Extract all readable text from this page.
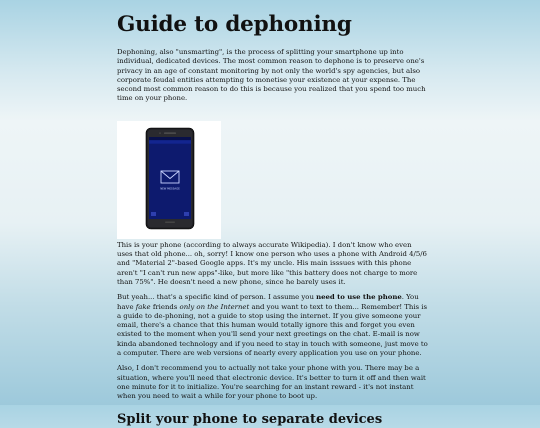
Guide to dephoning

Dephoning, also "unsmarting", is the process of splitting your smartphone up into individual, dedicated devices. The most common reason to dephone is to preserve one's privacy in an age of constant monitoring by not only the world's spy agencies, but also corporate feudal entities attempting to monetise your existence at your expense. The second most common reason to do this is because you realized that you spend too much time on your phone.

NEW MESSAGE

This is your phone (according to always accurate Wikipedia). I don't know who even uses that old phone... oh, sorry! I know one person who uses a phone with Android 4/5/6 and "Material 2"-based Google apps. It's my uncle. His main isssues with this phone aren't "I can't run new apps"-like, but more like "this battery does not charge to more than 75%". He doesn't need a new phone, since he barely uses it.

But yeah... that's a specific kind of person. I assume you need to use the phone. You have fake friends only on the Internet and you want to text to them... Remember! This is a guide to de-phoning, not a guide to stop using the internet. If you give someone your email, there's a chance that this human would totally ignore this and forget you even existed to the moment when you'll send your next greetings on the chat. E-mail is now kinda abandoned technology and if you need to stay in touch with someone, just move to a computer. There are web versions of nearly every application you use on your phone.

Also, I don't recommend you to actually not take your phone with you. There may be a situation, where you'll need that electronic device. It's better to turn it off and then wait one minute for it to initialize. You're searching for an instant reward - it's not instant when you need to wait a while for your phone to boot up.

Split your phone to separate devices
